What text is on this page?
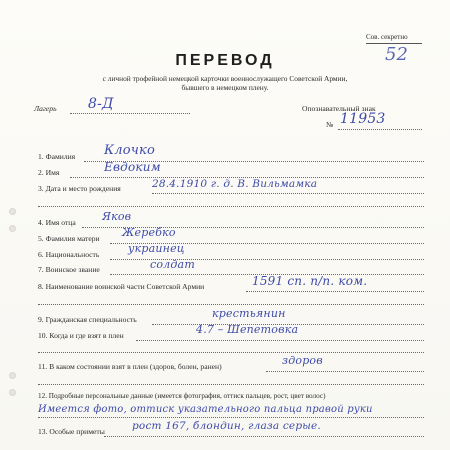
Сов. секретно
52
ПЕРЕВОД
с личной трофейной немецкой карточки военнослужащего Советской Армии,
бывшего в немецком плену.
Лагерь 8-Д	Опознавательный знак
№ 11953
1. Фамилия Клочко
2. Имя	Евдоким
3. Дата и место рождения	28.4.1910 г. д. В. Вильмамка
4. Имя отца Яков
5. Фамилия матери Жеребко
6. Национальность	украинец
7. Воинское звание	солдат
8. Наименование воинской части Советской Армии	1591 сп. п/п. ком.
9. Гражданская специальность	крестьянин
10. Когда и где взят в плен	4.7 – Шепетовка
11. В каком состоянии взят в плен (здоров, болен, ранен)	здоров
12. Подробные персональные данные (имеется фотография, оттиск пальцев, рост, цвет волос)
Имеется фото, оттиск указательного пальца правой руки
13. Особые приметы	рост 167, блондин, глаза серые.
